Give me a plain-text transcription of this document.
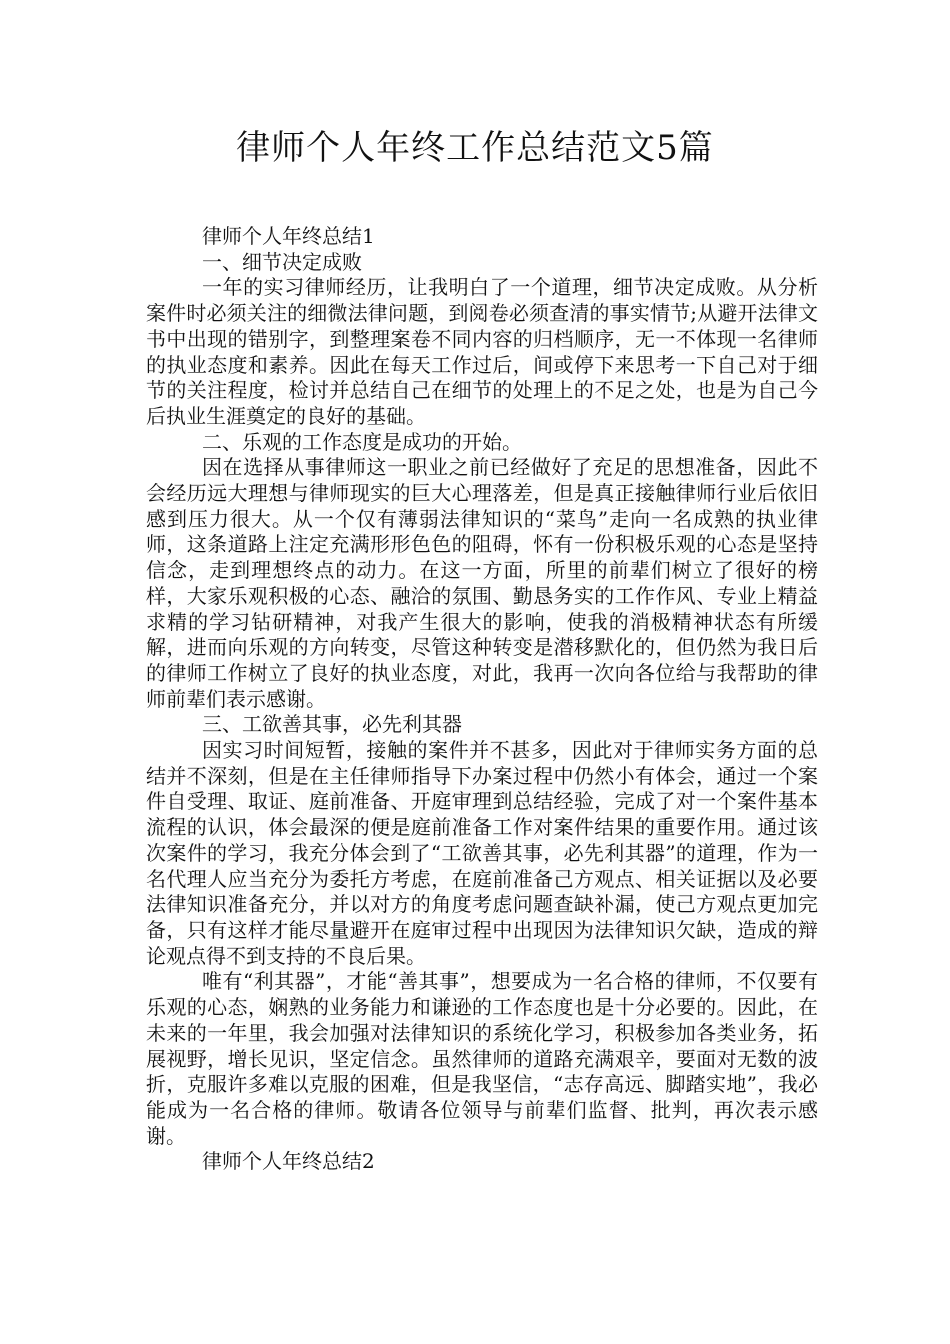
律师个人年终工作总结范文5篇

律师个人年终总结1

一、细节决定成败

一年的实习律师经历，让我明白了一个道理，细节决定成败。从分析案件时必须关注的细微法律问题，到阅卷必须查清的事实情节;从避开法律文书中出现的错别字，到整理案卷不同内容的归档顺序，无一不体现一名律师的执业态度和素养。因此在每天工作过后，间或停下来思考一下自己对于细节的关注程度，检讨并总结自己在细节的处理上的不足之处，也是为自己今后执业生涯奠定的良好的基础。

二、乐观的工作态度是成功的开始。

因在选择从事律师这一职业之前已经做好了充足的思想准备，因此不会经历远大理想与律师现实的巨大心理落差，但是真正接触律师行业后依旧感到压力很大。从一个仅有薄弱法律知识的“菜鸟”走向一名成熟的执业律师，这条道路上注定充满形形色色的阻碍，怀有一份积极乐观的心态是坚持信念，走到理想终点的动力。在这一方面，所里的前辈们树立了很好的榜样，大家乐观积极的心态、融洽的氛围、勤恳务实的工作作风、专业上精益求精的学习钻研精神，对我产生很大的影响，使我的消极精神状态有所缓解，进而向乐观的方向转变，尽管这种转变是潜移默化的，但仍然为我日后的律师工作树立了良好的执业态度，对此，我再一次向各位给与我帮助的律师前辈们表示感谢。

三、工欲善其事，必先利其器

因实习时间短暂，接触的案件并不甚多，因此对于律师实务方面的总结并不深刻，但是在主任律师指导下办案过程中仍然小有体会，通过一个案件自受理、取证、庭前准备、开庭审理到总结经验，完成了对一个案件基本流程的认识，体会最深的便是庭前准备工作对案件结果的重要作用。通过该次案件的学习，我充分体会到了“工欲善其事，必先利其器”的道理，作为一名代理人应当充分为委托方考虑，在庭前准备己方观点、相关证据以及必要法律知识准备充分，并以对方的角度考虑问题查缺补漏，使己方观点更加完备，只有这样才能尽量避开在庭审过程中出现因为法律知识欠缺，造成的辩论观点得不到支持的不良后果。

唯有“利其器”，才能“善其事”，想要成为一名合格的律师，不仅要有乐观的心态，娴熟的业务能力和谦逊的工作态度也是十分必要的。因此，在未来的一年里，我会加强对法律知识的系统化学习，积极参加各类业务，拓展视野，增长见识，坚定信念。虽然律师的道路充满艰辛，要面对无数的波折，克服许多难以克服的困难，但是我坚信，“志存高远、脚踏实地”，我必能成为一名合格的律师。敬请各位领导与前辈们监督、批判，再次表示感谢。

律师个人年终总结2
